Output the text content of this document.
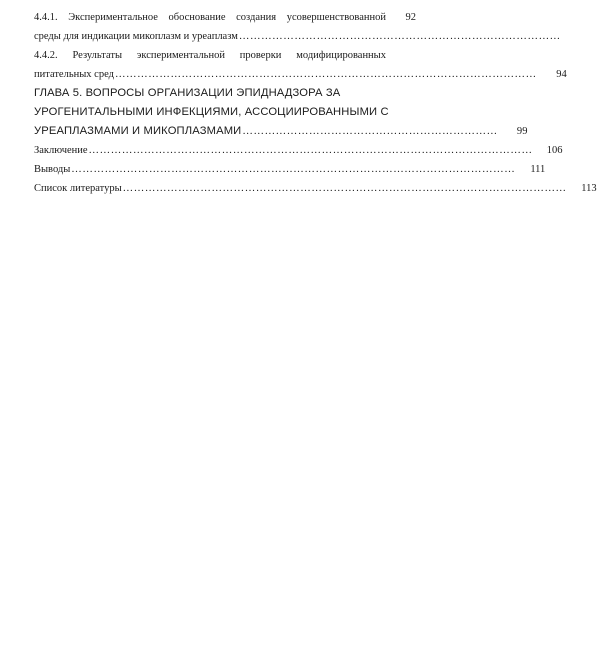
4.4.1. Экспериментальное обоснование создания усовершенствованной	92
среды для индикации микоплазм и уреаплазм ……………………………………………………………………………
4.4.2. Результаты экспериментальной проверки модифицированных
питательных сред ……………………………………………………………………………………………………	94
ГЛАВА 5. ВОПРОСЫ ОРГАНИЗАЦИИ ЭПИДНАДЗОРА ЗА
УРОГЕНИТАЛЬНЫМИ ИНФЕКЦИЯМИ, АССОЦИИРОВАННЫМИ С
УРЕАПЛАЗМАМИ И МИКОПЛАЗМАМИ ……………………………………………………………	99
Заключение …………………………………………………………………………………………………………	106
Выводы …………………………………………………………………………………………………………	111
Список литературы …………………………………………………………………………………………………………	113
